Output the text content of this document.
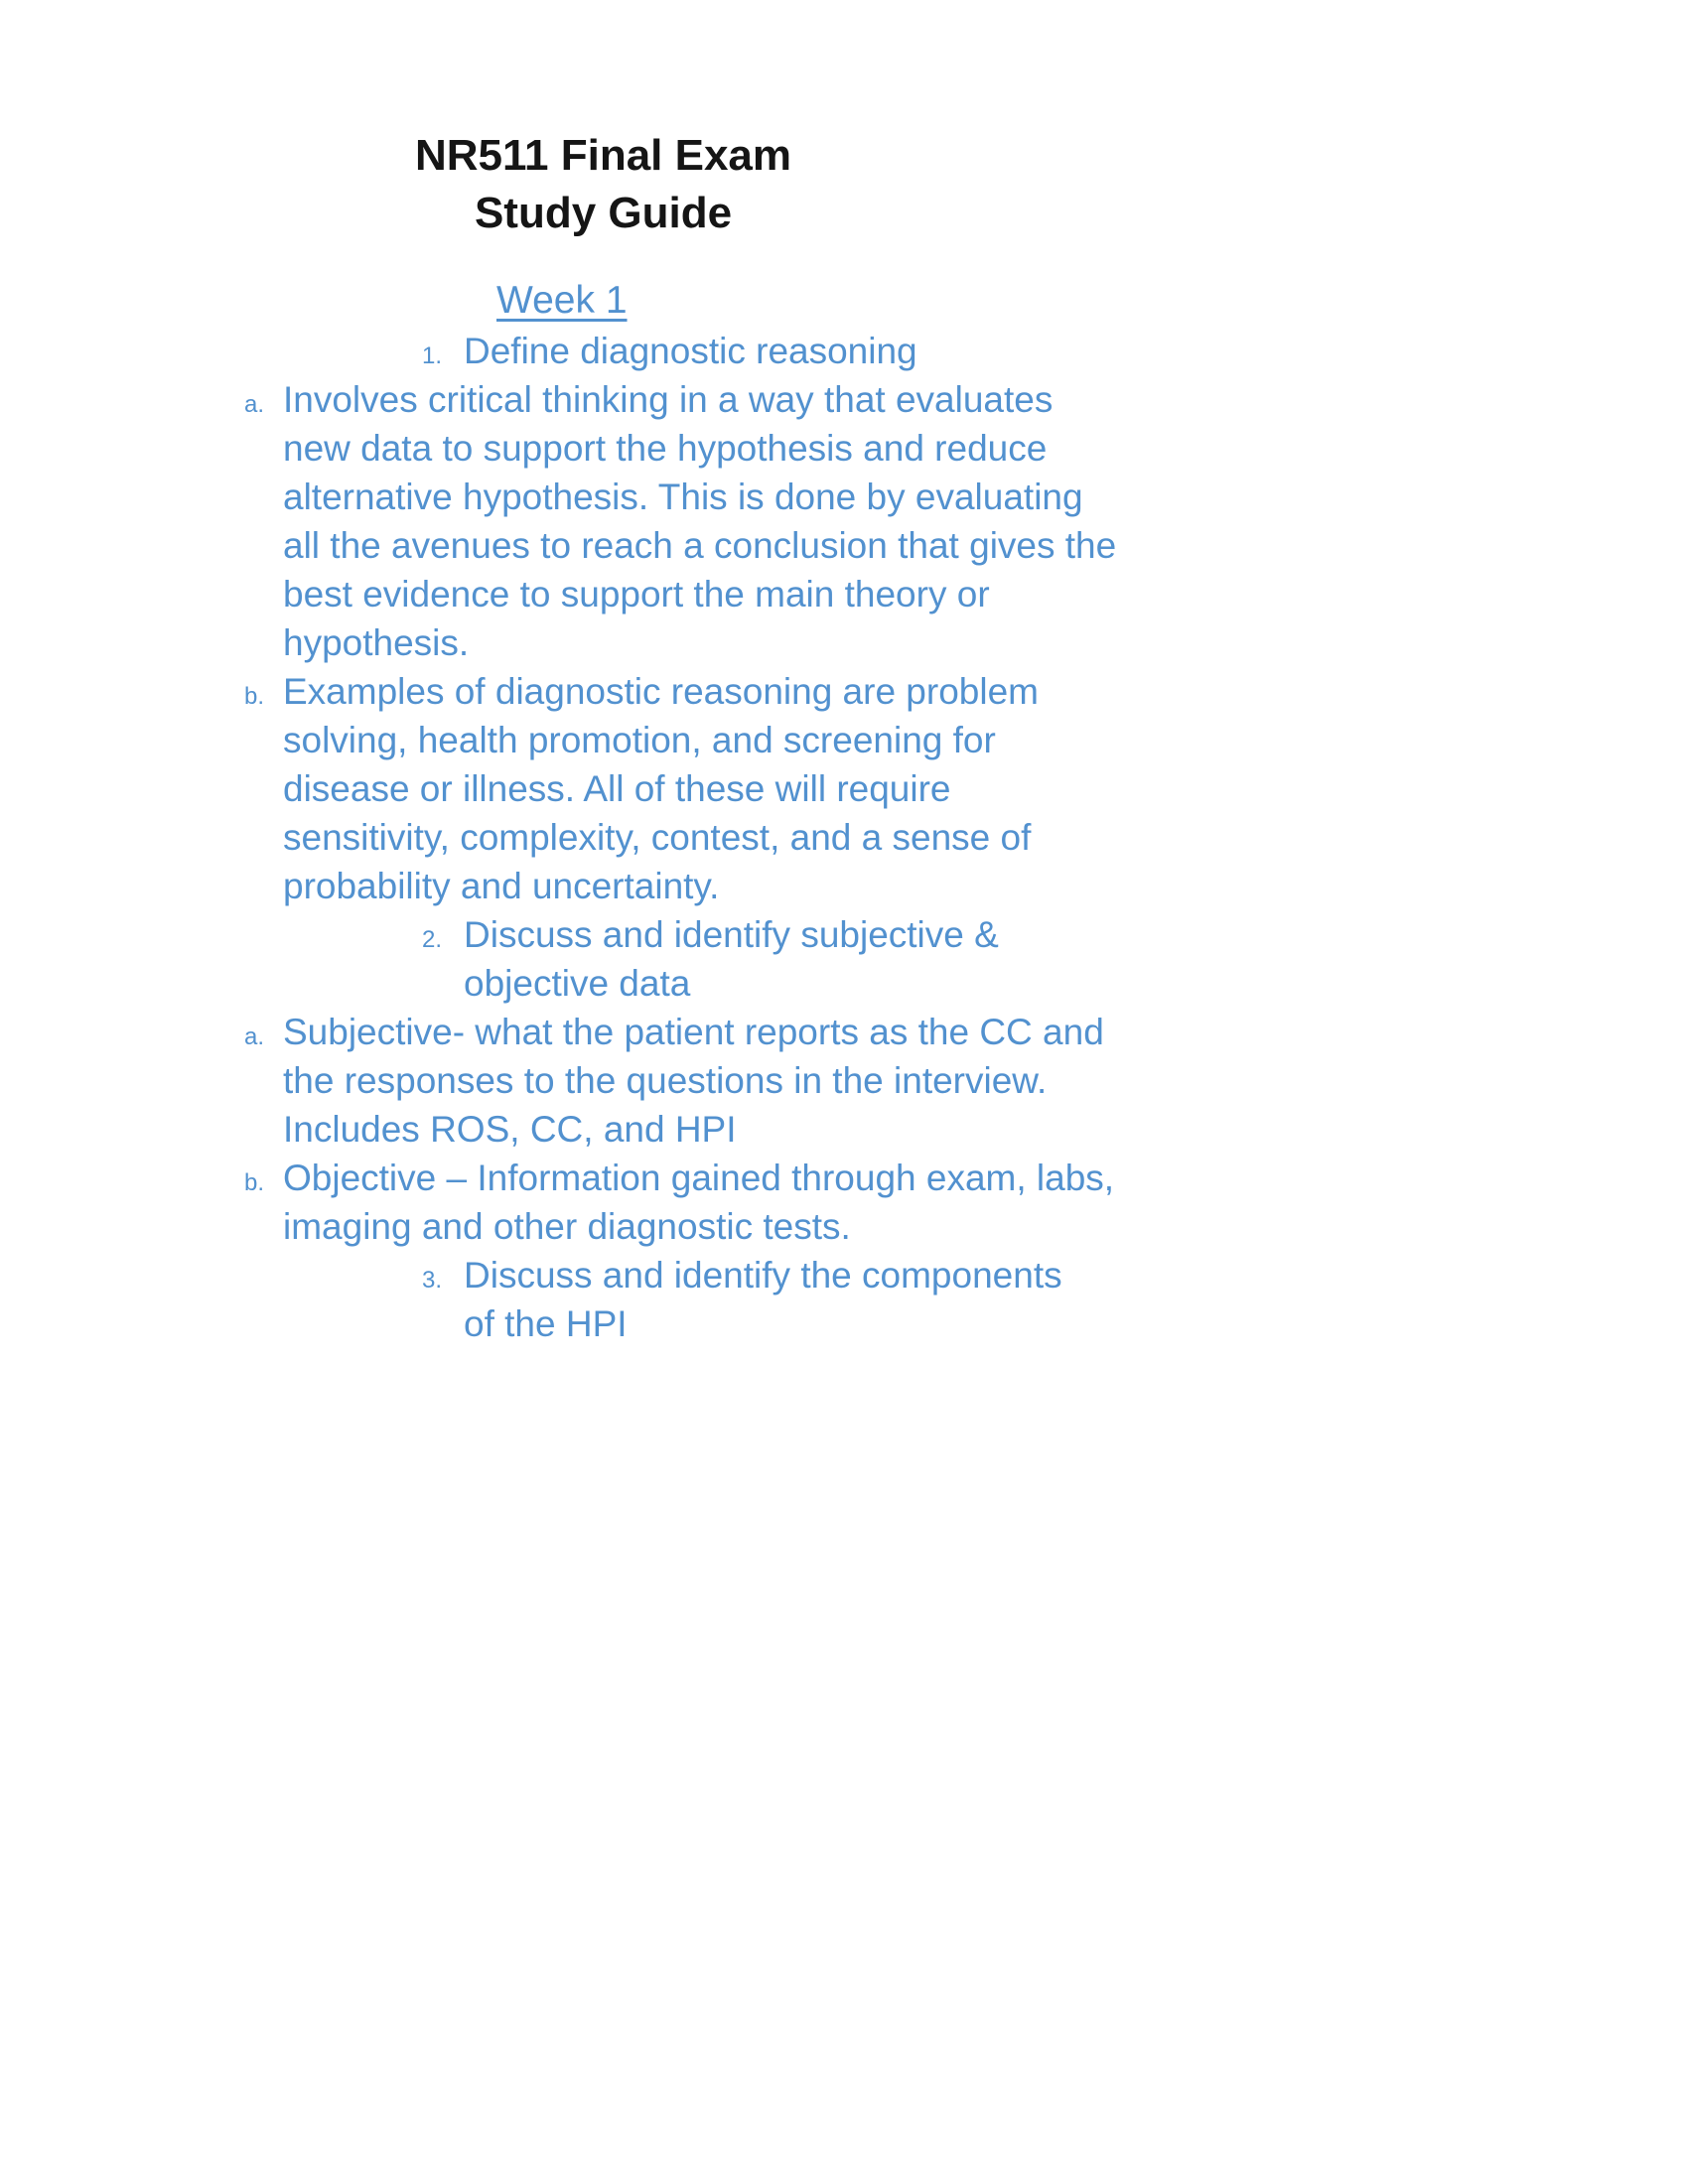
NR511 Final Exam
Study Guide
Week 1
1. Define diagnostic reasoning
a. Involves critical thinking in a way that evaluates new data to support the hypothesis and reduce alternative hypothesis. This is done by evaluating all the avenues to reach a conclusion that gives the best evidence to support the main theory or hypothesis.
b. Examples of diagnostic reasoning are problem solving, health promotion, and screening for disease or illness. All of these will require sensitivity, complexity, contest, and a sense of probability and uncertainty.
2. Discuss and identify subjective & objective data
a. Subjective- what the patient reports as the CC and the responses to the questions in the interview. Includes ROS, CC, and HPI
b. Objective – Information gained through exam, labs, imaging and other diagnostic tests.
3. Discuss and identify the components of the HPI
